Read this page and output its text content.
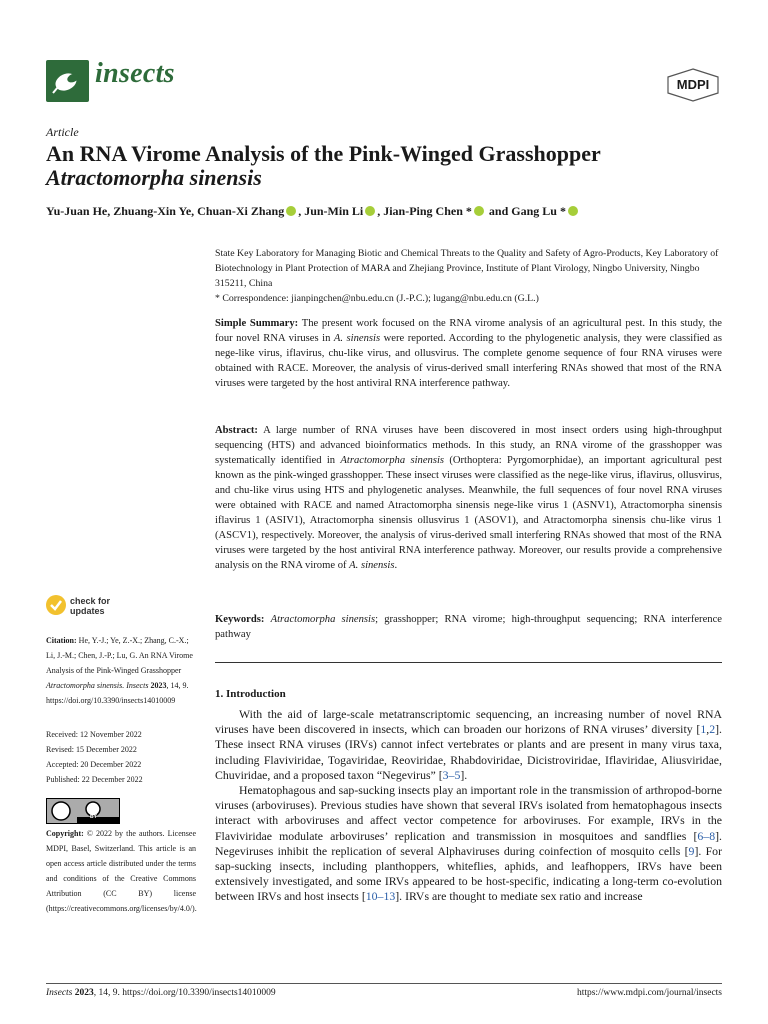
insects	MDPI
Article
An RNA Virome Analysis of the Pink-Winged Grasshopper
Atractomorpha sinensis
Yu-Juan He, Zhuang-Xin Ye, Chuan-Xi Zhang , Jun-Min Li , Jian-Ping Chen * and Gang Lu *

State Key Laboratory for Managing Biotic and Chemical Threats to the Quality and Safety of Agro-Products, Key Laboratory of Biotechnology in Plant Protection of MARA and Zhejiang Province, Institute of Plant Virology, Ningbo University, Ningbo 315211, China

* Correspondence: jianpingchen@nbu.edu.cn (J.-P.C.); lugang@nbu.edu.cn (G.L.)

Simple Summary: The present work focused on the RNA virome analysis of an agricultural pest. In this study, the four novel RNA viruses in A. sinensis were reported. According to the phylogenetic analysis, they were classified as nege-like virus, iflavirus, chu-like virus, and ollusvirus. The complete genome sequence of four RNA viruses were obtained with RACE. Moreover, the analysis of virus-derived small interfering RNAs showed that most of the RNA viruses were targeted by the host antiviral RNA interference pathway.

Abstract: A large number of RNA viruses have been discovered in most insect orders using high-throughput sequencing (HTS) and advanced bioinformatics methods. In this study, an RNA virome of the grasshopper was systematically identified in Atractomorpha sinensis (Orthoptera: Pyrgomorphidae), an important agricultural pest known as the pink-winged grasshopper. These insect viruses were classified as the nege-like virus, iflavirus, ollusvirus, and chu-like virus using HTS and phylogenetic analyses. Meanwhile, the full sequences of four novel RNA viruses were obtained with RACE and named Atractomorpha sinensis nege-like virus 1 (ASNV1), Atractomorpha sinensis iflavirus 1 (ASIV1), Atractomorpha sinensis ollusvirus 1 (ASOV1), and Atractomorpha sinensis chu-like virus 1 (ASCV1), respectively. Moreover, the analysis of virus-derived small interfering RNAs showed that most of the RNA viruses were targeted by the host antiviral RNA interference pathway. Moreover, our results provide a comprehensive analysis on the RNA virome of A. sinensis.

Keywords: Atractomorpha sinensis; grasshopper; RNA virome; high-throughput sequencing; RNA interference pathway

1. Introduction

With the aid of large-scale metatranscriptomic sequencing, an increasing number of novel RNA viruses have been discovered in insects, which can broaden our horizons of RNA viruses’ diversity [1,2]. These insect RNA viruses (IRVs) cannot infect vertebrates or plants and are present in many virus taxa, including Flaviviridae, Togaviridae, Reoviridae, Rhabdoviridae, Dicistroviridae, Iflaviridae, Aliusviridae, Chuviridae, and a proposed taxon “Negevirus” [3–5].

Hematophagous and sap-sucking insects play an important role in the transmission of arthropod-borne viruses (arboviruses). Previous studies have shown that several IRVs isolated from hematophagous insects interact with arboviruses and affect vector competence for arboviruses. For example, IRVs in the Flaviviridae modulate arboviruses’ replication and transmission in mosquitoes and sandflies [6–8]. Negeviruses inhibit the replication of several Alphaviruses during coinfection of mosquito cells [9]. For sap-sucking insects, including planthoppers, whiteflies, aphids, and leafhoppers, IRVs have been extensively investigated, and some IRVs appeared to be host-specific, indicating a long-term co-evolution between IRVs and host insects [10–13]. IRVs are thought to mediate sex ratio and increase

check for
updates
Citation: He, Y.-J.; Ye, Z.-X.; Zhang, C.-X.; Li, J.-M.; Chen, J.-P.; Lu, G. An RNA Virome Analysis of the Pink-Winged Grasshopper Atractomorpha sinensis. Insects 2023, 14, 9. https://doi.org/10.3390/insects14010009
Received: 12 November 2022
Revised: 15 December 2022
Accepted: 20 December 2022
Published: 22 December 2022
BY
Copyright: © 2022 by the authors. Licensee MDPI, Basel, Switzerland. This article is an open access article distributed under the terms and conditions of the Creative Commons Attribution (CC BY) license (https://creativecommons.org/licenses/by/4.0/).
Insects 2023, 14, 9. https://doi.org/10.3390/insects14010009	https://www.mdpi.com/journal/insects
